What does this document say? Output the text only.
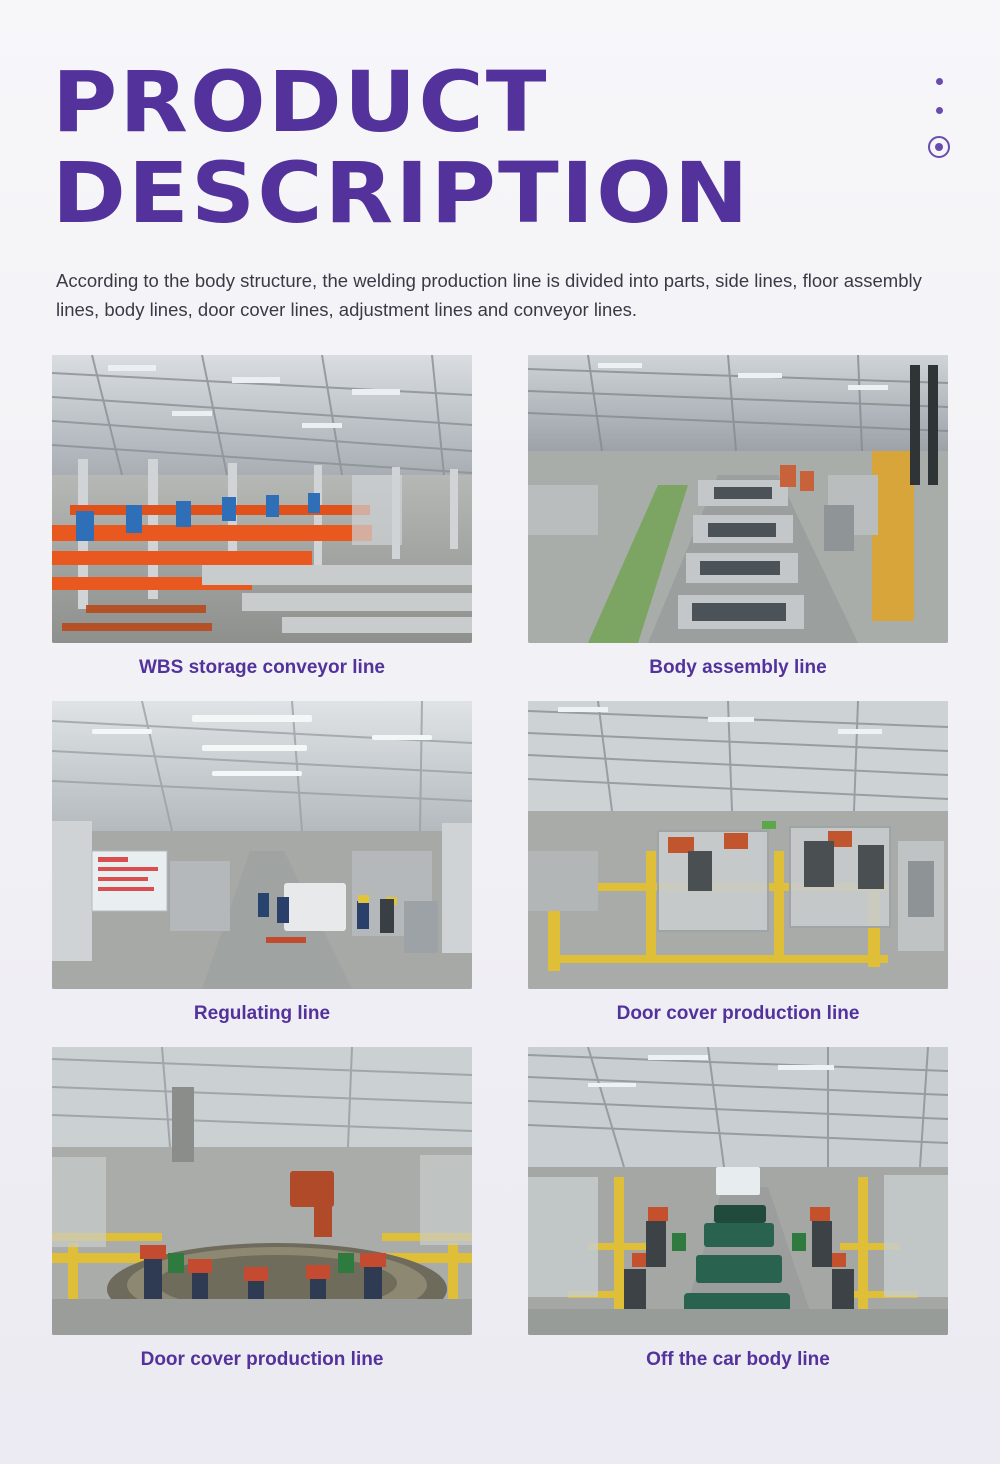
PRODUCT
DESCRIPTION

According to the body structure, the welding production line is divided into parts, side lines, floor assembly lines, body lines, door cover lines, adjustment lines and conveyor lines.

WBS storage conveyor line	Body assembly line
Regulating line	Door cover production line
Door cover production line	Off the car body line
